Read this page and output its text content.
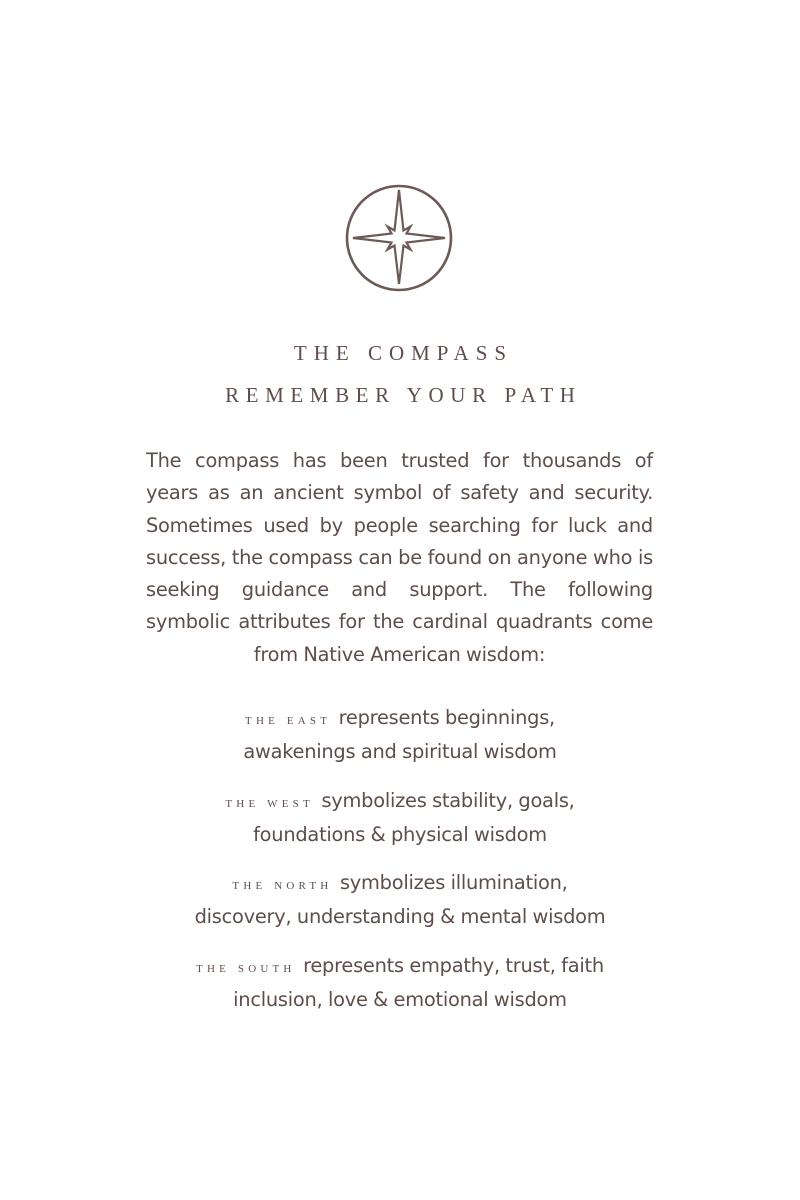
THE COMPASS
REMEMBER YOUR PATH

The compass has been trusted for thousands of years as an ancient symbol of safety and security. Sometimes used by people searching for luck and success, the compass can be found on anyone who is seeking guidance and support. The following symbolic attributes for the cardinal quadrants come from Native American wisdom:

the east represents beginnings,
awakenings and spiritual wisdom
the west symbolizes stability, goals,
foundations & physical wisdom
the north symbolizes illumination,
discovery, understanding & mental wisdom
the south represents empathy, trust, faith
inclusion, love & emotional wisdom
